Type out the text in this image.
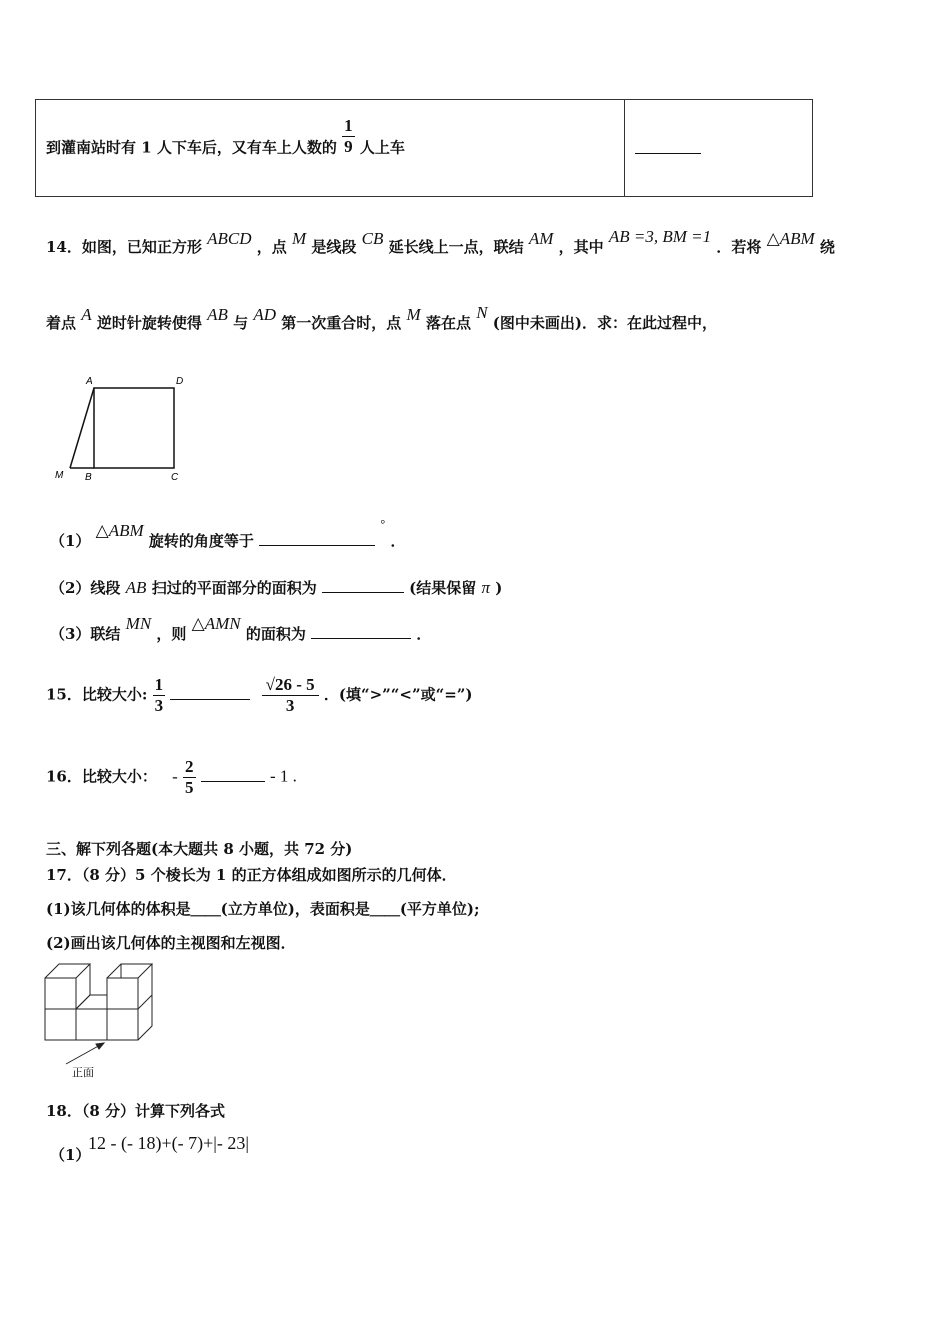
到灌南站时有 1 人下车后，又有车上人数的 $\frac{1}{9}$ 人上车

14．如图，已知正方形 ABCD ，点 M 是线段 CB 延长线上一点，联结 AM ，其中 AB =3, BM =1 ．若将 △ABM 绕
着点 A 逆时针旋转使得 AB 与 AD 第一次重合时，点 M 落在点 N (图中未画出)．求：在此过程中，
A	D
M B	C
（1） △ABM 旋转的角度等于  ° ．
（2）线段 AB 扫过的平面部分的面积为	(结果保留 π )
（3）联结 MN ，则 △AMN 的面积为	．
15．比较大小: $\frac{1}{3}$
	$\frac{√26 - 5}{3}$ ．(填“>”“<”或“=”)
16．比较大小： - $\frac{2}{5}$	- 1 .
三、解下列各题(本大题共 8 小题，共 72 分)
17．（8 分）5 个棱长为 1 的正方体组成如图所示的几何体．
(1)该几何体的体积是＿＿(立方单位)，表面积是＿＿(平方单位);
(2)画出该几何体的主视图和左视图．
正面
18．（8 分）计算下列各式
（1）
12 - (- 18)+(- 7)+|- 23|
